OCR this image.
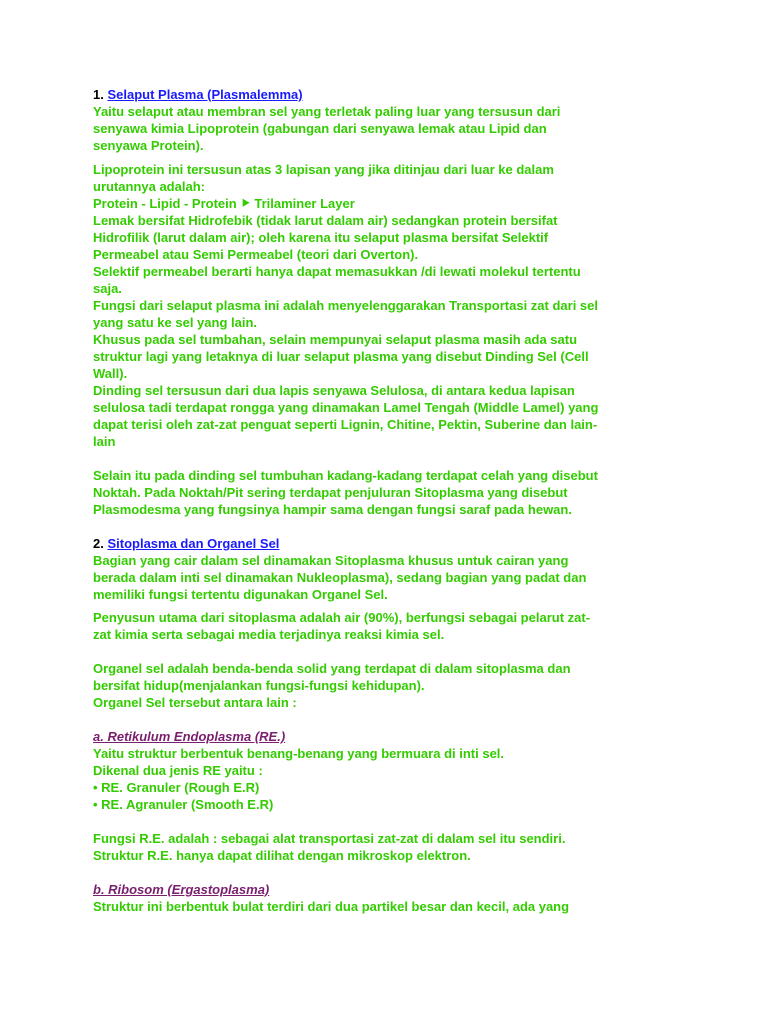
1. Selaput Plasma (Plasmalemma)

Yaitu selaput atau membran sel yang terletak paling luar yang tersusun dari
senyawa kimia Lipoprotein (gabungan dari senyawa lemak atau Lipid dan
senyawa Protein).

Lipoprotein ini tersusun atas 3 lapisan yang jika ditinjau dari luar ke dalam
urutannya adalah:
Protein - Lipid - Protein ⯈ Trilaminer Layer
Lemak bersifat Hidrofebik (tidak larut dalam air) sedangkan protein bersifat
Hidrofilik (larut dalam air); oleh karena itu selaput plasma bersifat Selektif
Permeabel atau Semi Permeabel (teori dari Overton).
Selektif permeabel berarti hanya dapat memasukkan /di lewati molekul tertentu
saja.
Fungsi dari selaput plasma ini adalah menyelenggarakan Transportasi zat dari sel
yang satu ke sel yang lain.
Khusus pada sel tumbahan, selain mempunyai selaput plasma masih ada satu
struktur lagi yang letaknya di luar selaput plasma yang disebut Dinding Sel (Cell
Wall).
Dinding sel tersusun dari dua lapis senyawa Selulosa, di antara kedua lapisan
selulosa tadi terdapat rongga yang dinamakan Lamel Tengah (Middle Lamel) yang
dapat terisi oleh zat-zat penguat seperti Lignin, Chitine, Pektin, Suberine dan lain-
lain

Selain itu pada dinding sel tumbuhan kadang-kadang terdapat celah yang disebut
Noktah. Pada Noktah/Pit sering terdapat penjuluran Sitoplasma yang disebut
Plasmodesma yang fungsinya hampir sama dengan fungsi saraf pada hewan.

2. Sitoplasma dan Organel Sel

Bagian yang cair dalam sel dinamakan Sitoplasma khusus untuk cairan yang
berada dalam inti sel dinamakan Nukleoplasma), sedang bagian yang padat dan
memiliki fungsi tertentu digunakan Organel Sel.

Penyusun utama dari sitoplasma adalah air (90%), berfungsi sebagai pelarut zat-
zat kimia serta sebagai media terjadinya reaksi kimia sel.

Organel sel adalah benda-benda solid yang terdapat di dalam sitoplasma dan
bersifat hidup(menjalankan fungsi-fungsi kehidupan).
Organel Sel tersebut antara lain :

a. Retikulum Endoplasma (RE.)

Yaitu struktur berbentuk benang-benang yang bermuara di inti sel.
Dikenal dua jenis RE yaitu :
• RE. Granuler (Rough E.R)
• RE. Agranuler (Smooth E.R)

Fungsi R.E. adalah : sebagai alat transportasi zat-zat di dalam sel itu sendiri.
Struktur R.E. hanya dapat dilihat dengan mikroskop elektron.

b. Ribosom (Ergastoplasma)

Struktur ini berbentuk bulat terdiri dari dua partikel besar dan kecil, ada yang
